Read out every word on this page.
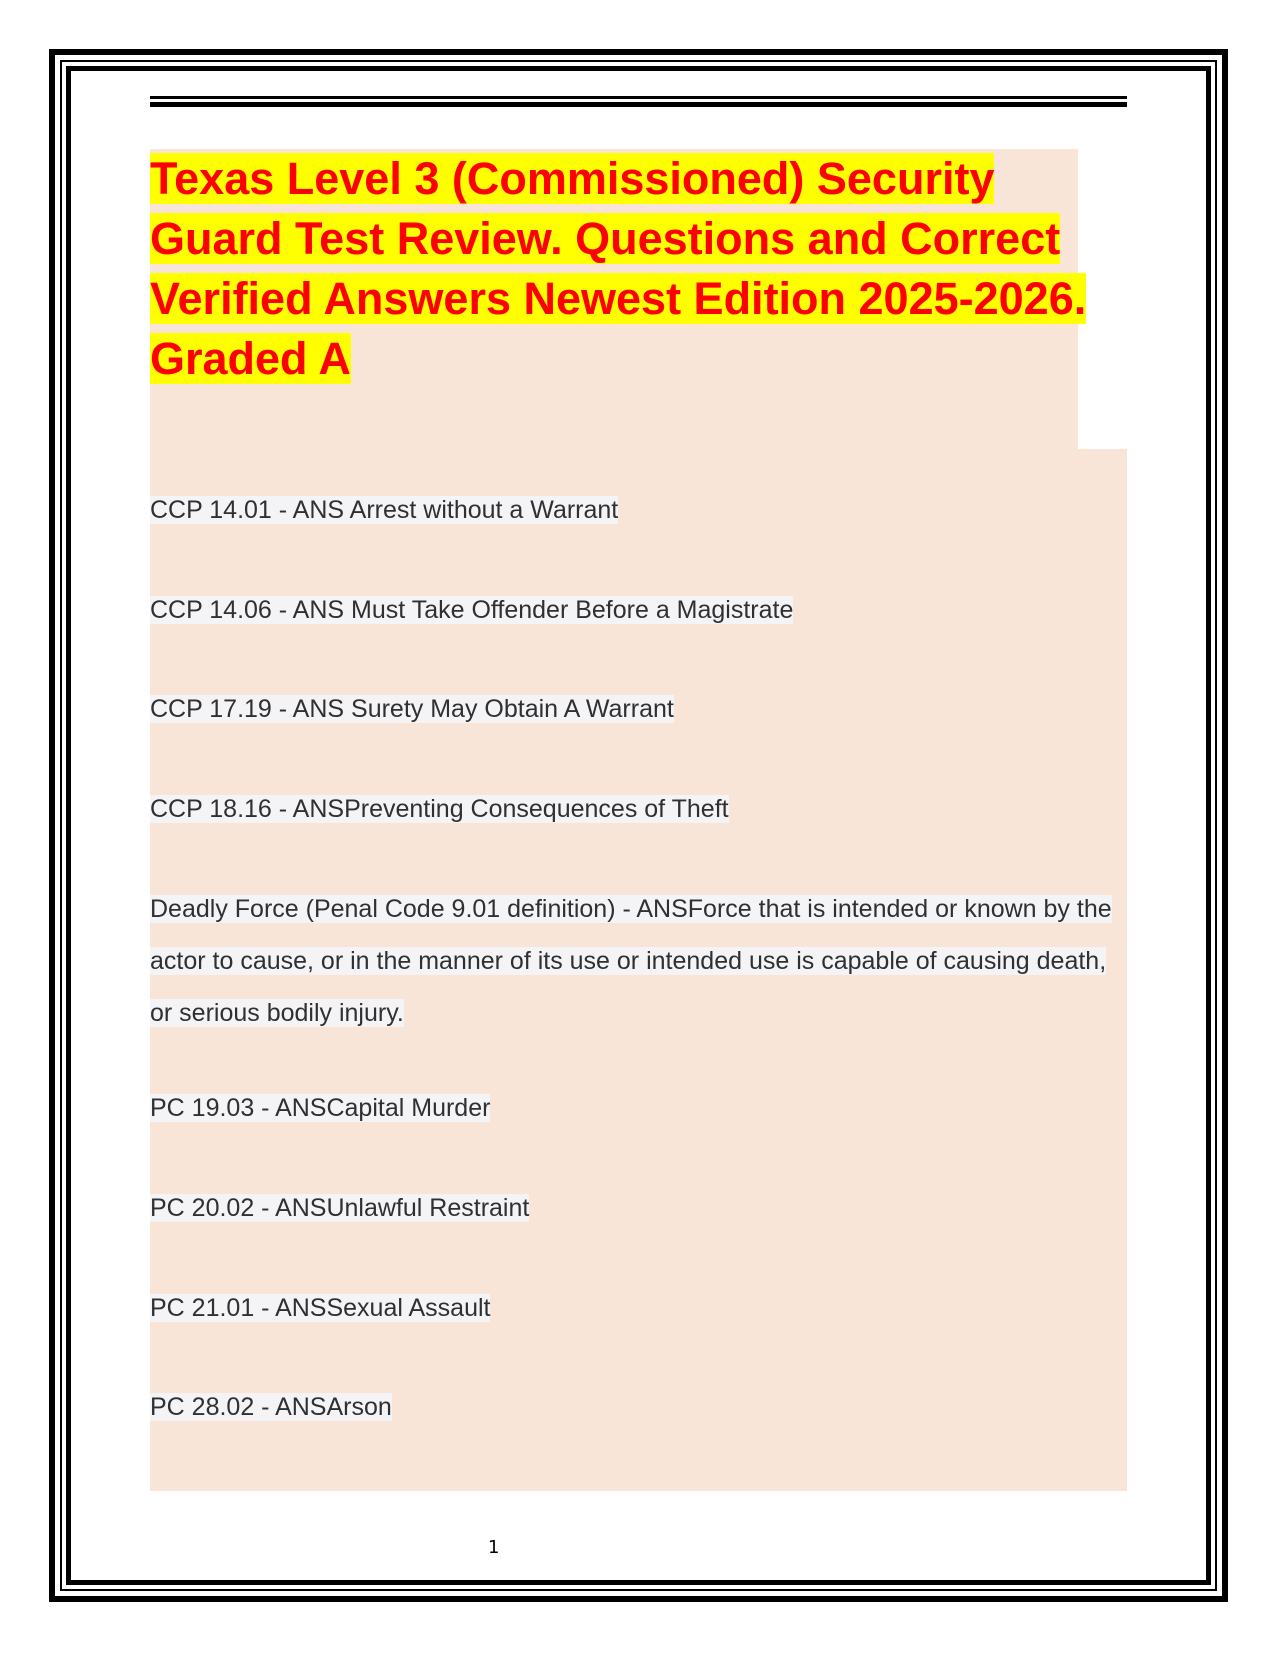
Texas Level 3 (Commissioned) Security Guard Test Review. Questions and Correct Verified Answers Newest Edition 2025-2026. Graded A

CCP 14.01 - ANS Arrest without a Warrant

CCP 14.06 - ANS Must Take Offender Before a Magistrate

CCP 17.19 - ANS Surety May Obtain A Warrant

CCP 18.16 - ANSPreventing Consequences of Theft

Deadly Force (Penal Code 9.01 definition) - ANSForce that is intended or known by the actor to cause, or in the manner of its use or intended use is capable of causing death, or serious bodily injury.

PC 19.03 - ANSCapital Murder

PC 20.02 - ANSUnlawful Restraint

PC 21.01 - ANSSexual Assault

PC 28.02 - ANSArson

1
